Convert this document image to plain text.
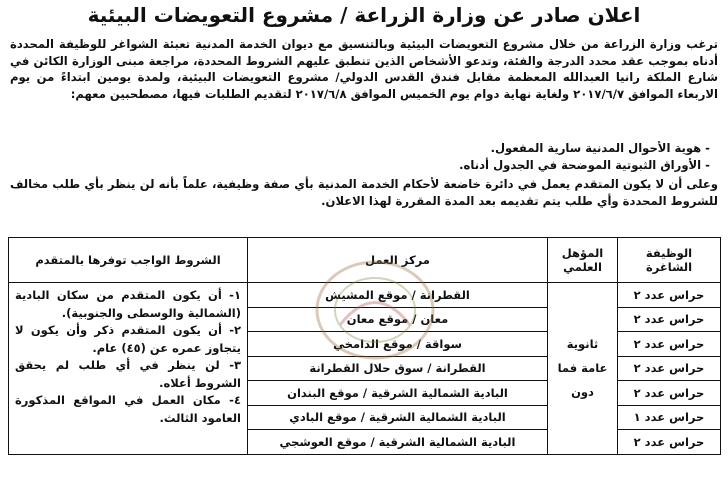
اعلان صادر عن وزارة الزراعة / مشروع التعويضات البيئية
ترغب وزارة الزراعة من خلال مشروع التعويضات البيئية وبالتنسيق مع ديوان الخدمة المدنية تعبئة الشواغر للوظيفة المحددة أدناه بموجب عقد محدد الدرجة والفئة، وتدعو الأشخاص الذين تنطبق عليهم الشروط المحددة، مراجعة مبنى الوزارة الكائن في شارع الملكة رانيا العبدالله المعظمة مقابل فندق القدس الدولي/ مشروع التعويضات البيئية، ولمدة يومين ابتداءً من يوم الاربعاء الموافق ٢٠١٧/٦/٧ ولغاية نهاية دوام يوم الخميس الموافق ٢٠١٧/٦/٨ لتقديم الطلبات فيها، مصطحبين معهم:
- هوية الأحوال المدنية سارية المفعول.
- الأوراق الثبوتية الموضحة في الجدول أدناه.
وعلى أن لا يكون المتقدم يعمل في دائرة خاضعة لأحكام الخدمة المدنية بأي صفة وظيفية، علماً بأنه لن ينظر بأي طلب مخالف للشروط المحددة وأي طلب يتم تقديمه بعد المدة المقررة لهذا الاعلان.
الوظيفة الشاغرة	المؤهل العلمي	مركز العمل	الشروط الواجب توفرها بالمتقدم
حراس عدد ٢	ثانوية عامة فما دون	القطرانة / موقع المشيش	١- أن يكون المتقدم من سكان البادية (الشمالية والوسطى والجنوبية).
٢- أن يكون المتقدم ذكر وأن يكون لا يتجاوز عمره عن (٤٥) عام.
٣- لن ينظر في أي طلب لم يحقق الشروط أعلاه.
٤- مكان العمل في المواقع المذكورة العامود الثالث.

حراس عدد ٢		معان / موقع معان	
حراس عدد ٢		سواقة / موقع الدامخي	
حراس عدد ٢		القطرانة / سوق حلال القطرانة	
حراس عدد ٢		البادية الشمالية الشرقية / موقع البندان	
حراس عدد ١		البادية الشمالية الشرقية / موقع البادي	
حراس عدد ٢		البادية الشمالية الشرقية / موقع العوشجي	
